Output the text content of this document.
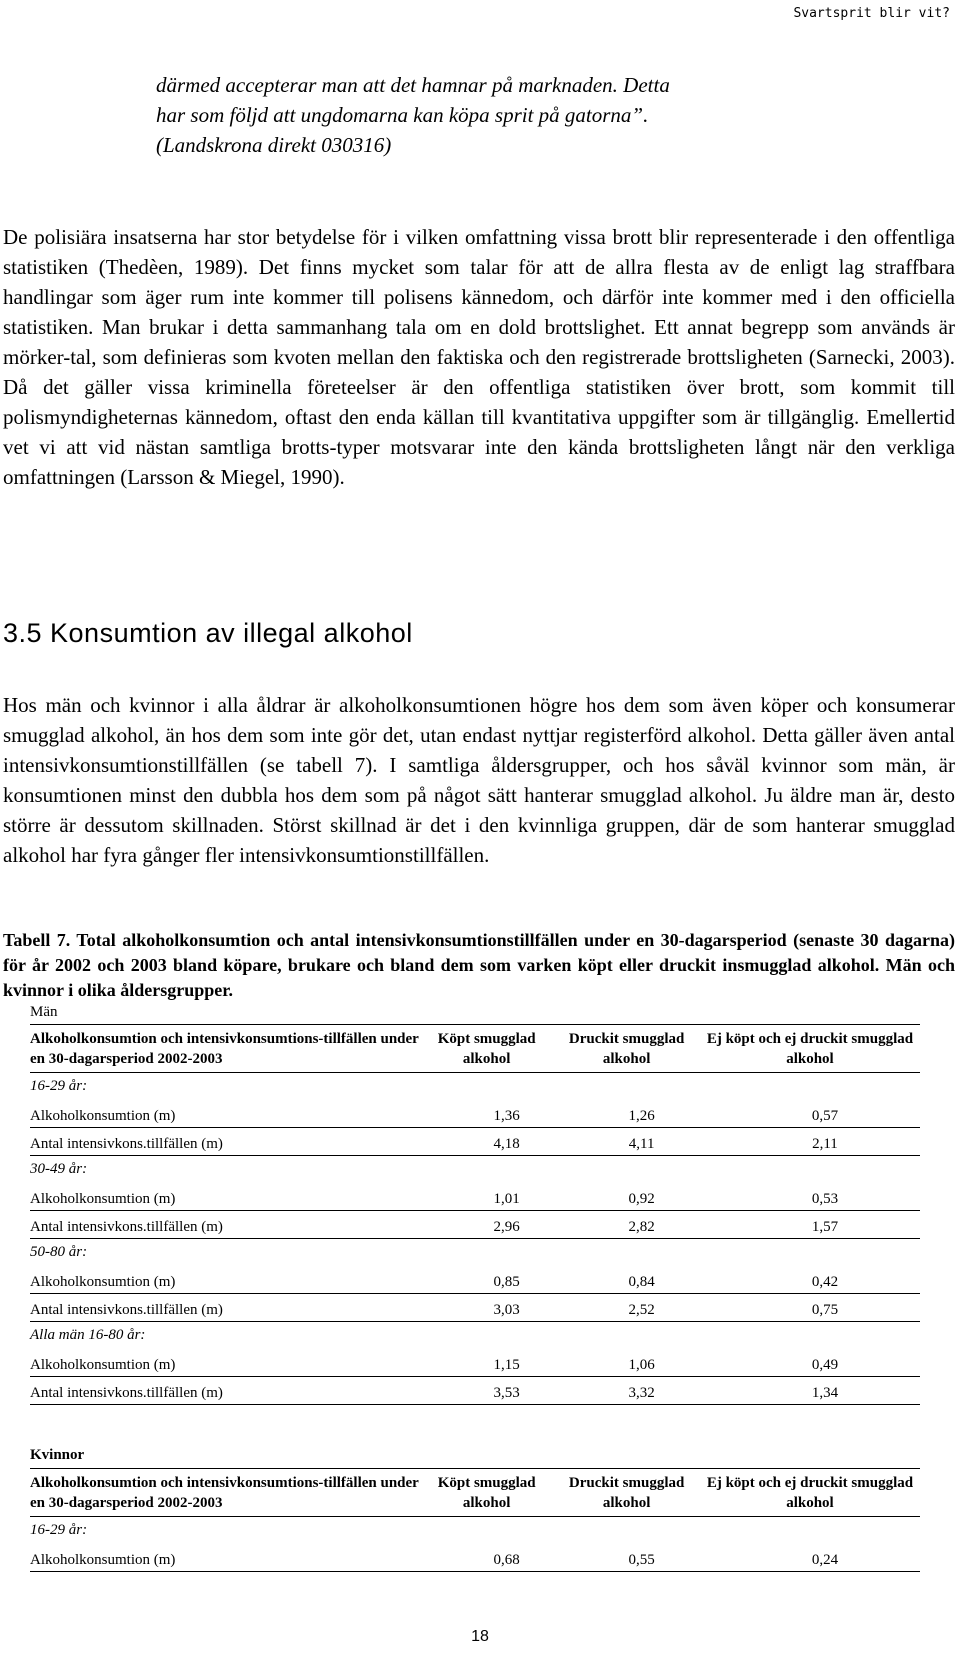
Svartsprit blir vit?
därmed accepterar man att det hamnar på marknaden. Detta
har som följd att ungdomarna kan köpa sprit på gatorna”.
(Landskrona direkt 030316)

De polisiära insatserna har stor betydelse för i vilken omfattning vissa brott blir representerade i den offentliga statistiken (Thedèen, 1989). Det finns mycket som talar för att de allra flesta av de enligt lag straffbara handlingar som äger rum inte kommer till polisens kännedom, och därför inte kommer med i den officiella statistiken. Man brukar i detta sammanhang tala om en dold brottslighet. Ett annat begrepp som används är mörker-tal, som definieras som kvoten mellan den faktiska och den registrerade brottsligheten (Sarnecki, 2003). Då det gäller vissa kriminella företeelser är den offentliga statistiken över brott, som kommit till polismyndigheternas kännedom, oftast den enda källan till kvantitativa uppgifter som är tillgänglig. Emellertid vet vi att vid nästan samtliga brotts-typer motsvarar inte den kända brottsligheten långt när den verkliga omfattningen (Larsson & Miegel, 1990).

3.5 Konsumtion av illegal alkohol

Hos män och kvinnor i alla åldrar är alkoholkonsumtionen högre hos dem som även köper och konsumerar smugglad alkohol, än hos dem som inte gör det, utan endast nyttjar registerförd alkohol. Detta gäller även antal intensivkonsumtionstillfällen (se tabell 7). I samtliga åldersgrupper, och hos såväl kvinnor som män, är konsumtionen minst den dubbla hos dem som på något sätt hanterar smugglad alkohol. Ju äldre man är, desto större är dessutom skillnaden. Störst skillnad är det i den kvinnliga gruppen, där de som hanterar smugglad alkohol har fyra gånger fler intensivkonsumtionstillfällen.

Tabell 7. Total alkoholkonsumtion och antal intensivkonsumtionstillfällen under en 30-dagarsperiod (senaste 30 dagarna) för år 2002 och 2003 bland köpare, brukare och bland dem som varken köpt eller druckit insmugglad alkohol. Män och kvinnor i olika åldersgrupper.

Män
Alkoholkonsumtion och intensivkonsumtions-tillfällen under en 30-dagarsperiod 2002-2003	Köpt smugglad alkohol	Druckit smugglad alkohol	Ej köpt och ej druckit smugglad alkohol
16-29 år:			
Alkoholkonsumtion (m)	1,36	1,26	0,57
Antal intensivkons.tillfällen (m)	4,18	4,11	2,11
30-49 år:			
Alkoholkonsumtion (m)	1,01	0,92	0,53
Antal intensivkons.tillfällen (m)	2,96	2,82	1,57
50-80 år:			
Alkoholkonsumtion (m)	0,85	0,84	0,42
Antal intensivkons.tillfällen (m)	3,03	2,52	0,75
Alla män 16-80 år:			
Alkoholkonsumtion (m)	1,15	1,06	0,49
Antal intensivkons.tillfällen (m)	3,53	3,32	1,34
Kvinnor
Alkoholkonsumtion och intensivkonsumtions-tillfällen under en 30-dagarsperiod 2002-2003	Köpt smugglad alkohol	Druckit smugglad alkohol	Ej köpt och ej druckit smugglad alkohol
16-29 år:			
Alkoholkonsumtion (m)	0,68	0,55	0,24
18
